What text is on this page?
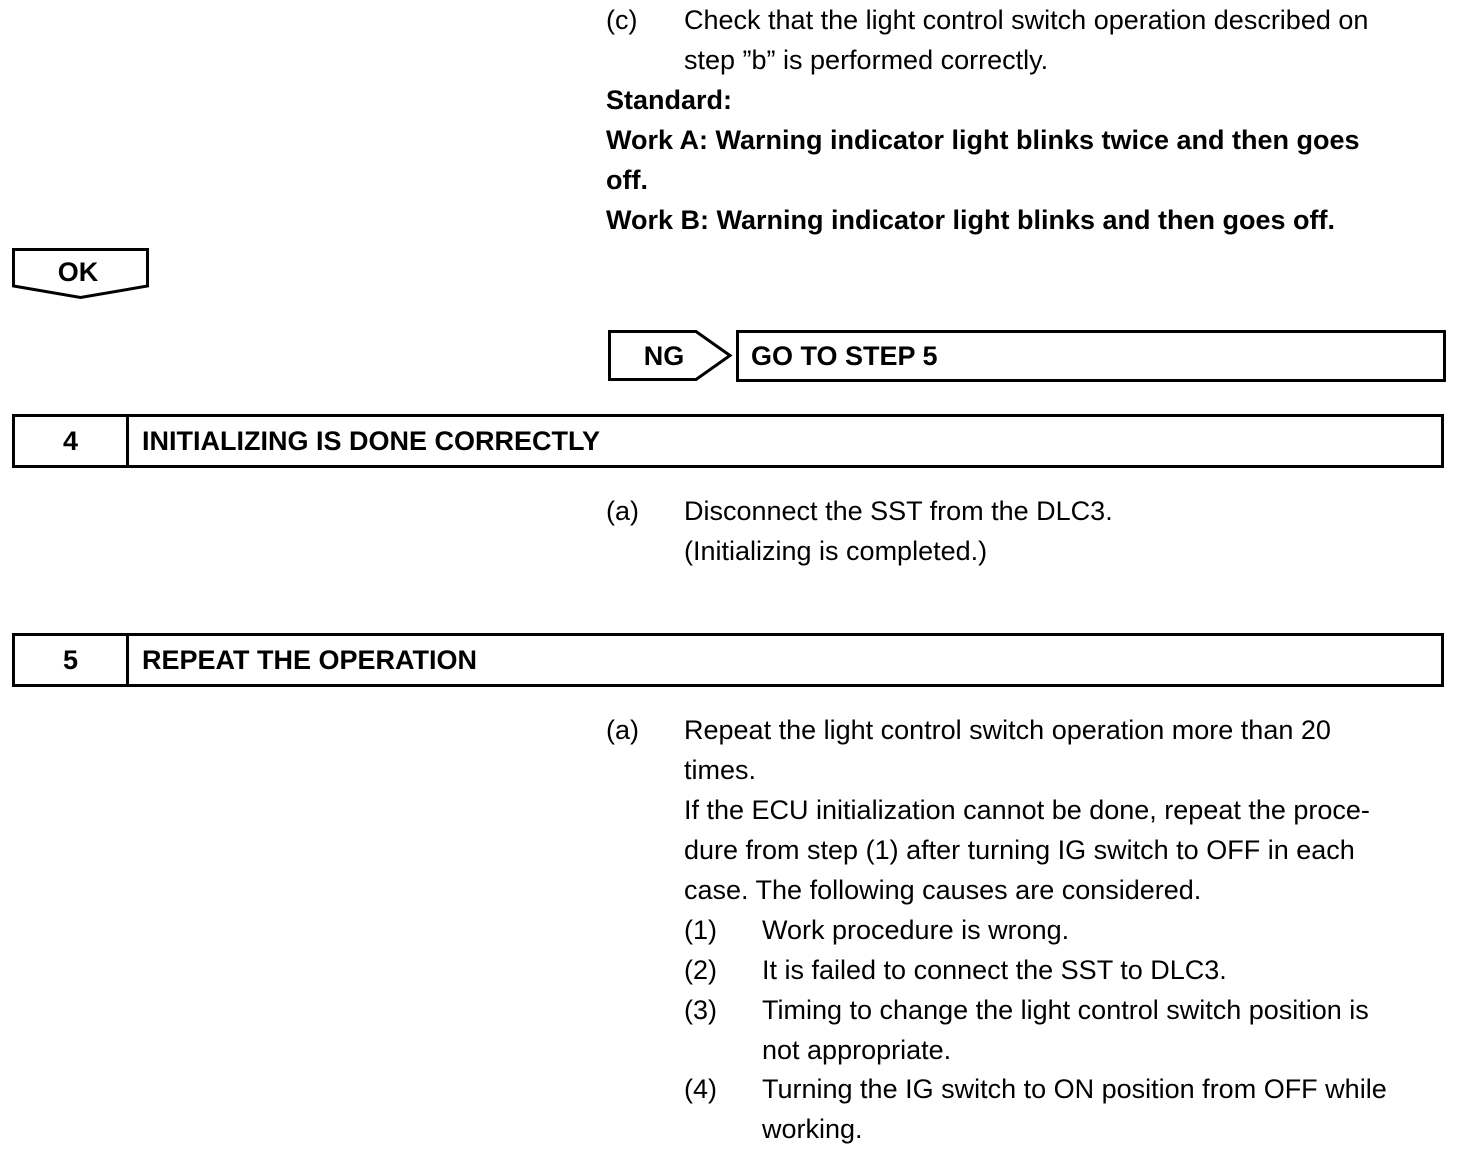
(c) Check that the light control switch operation described on
step ”b” is performed correctly.
Standard:
Work A: Warning indicator light blinks twice and then goes
off.
Work B: Warning indicator light blinks and then goes off.
OK
NG	GO TO STEP 5
4	INITIALIZING IS DONE CORRECTLY
(a) Disconnect the SST from the DLC3.
(Initializing is completed.)
5	REPEAT THE OPERATION
(a) Repeat the light control switch operation more than 20
times.
If the ECU initialization cannot be done, repeat the proce-
dure from step (1) after turning IG switch to OFF in each
case. The following causes are considered.
(1) Work procedure is wrong.
(2) It is failed to connect the SST to DLC3.
(3) Timing to change the light control switch position is
not appropriate.
(4) Turning the IG switch to ON position from OFF while
working.
